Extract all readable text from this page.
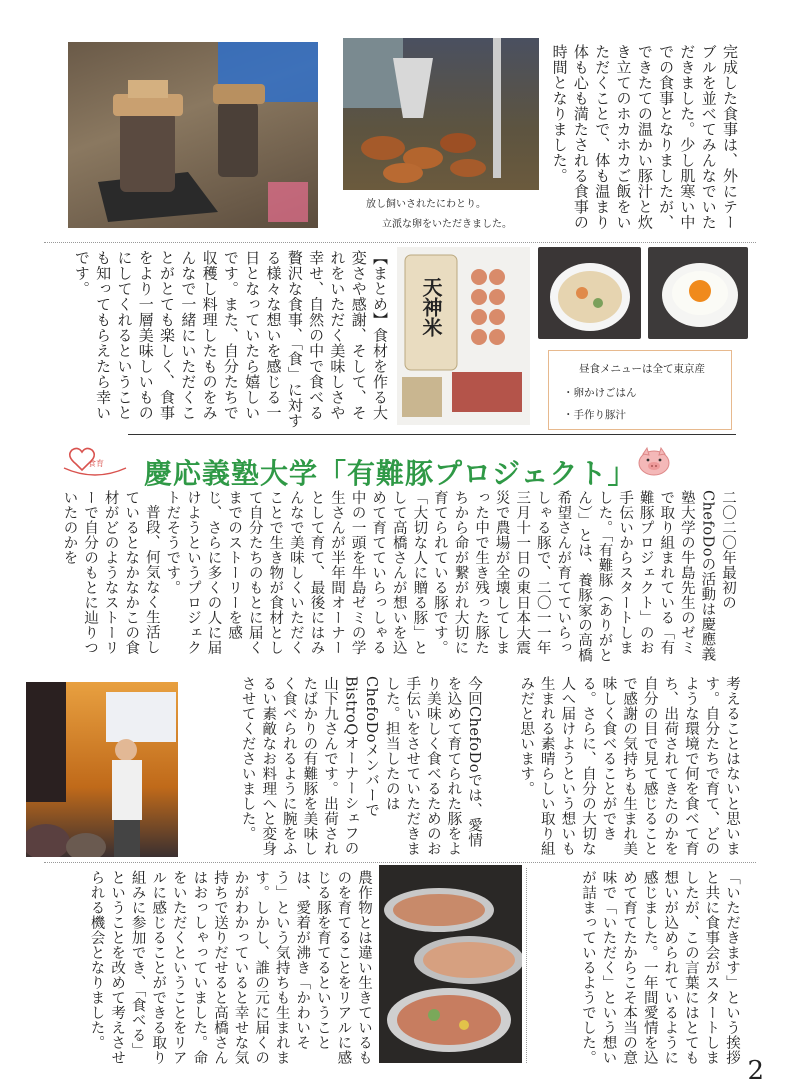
放し飼いされたにわとり。
立派な卵をいただきました。	完成した食事は、外にテーブルを並べてみんなでいただきました。少し肌寒い中での食事となりましたが、できたての温かい豚汁と炊き立てのホカホカご飯をいただくことで、体も温まり体も心も満たされる食事の時間となりました。
【まとめ】食材を作る大変さや感謝、そして、それをいただく美味しさや幸せ、自然の中で食べる贅沢な食事、「食」に対する様々な想いを感じる一日となっていたら嬉しいです。また、自分たちで収穫し料理したものをみんなで一緒にいただくことがとても楽しく、食事をより一層美味しいものにしてくれるということも知ってもらえたら幸いです。
天神米
昼食メニューは全て東京産
・卵かけごはん
・手作り豚汁
食育 慶応義塾大学「有難豚プロジェクト」
二〇二〇年最初のChefoDoの活動は慶應義塾大学の牛島先生のゼミで取り組まれている「有難豚プロジェクト」のお手伝いからスタートしました。「有難豚（ありがとん）」とは、養豚家の高橋希望さんが育てていらっしゃる豚で、二〇一一年三月十一日の東日本大震災で農場が全壊してしまった中で生き残った豚たちから命が繋がれ大切に育てられている豚です。「大切な人に贈る豚」として高橋さんが想いを込めて育てていらっしゃる中の一頭を牛島ゼミの学生さんが半年間オーナーとして育て、最後にはみんなで美味しくいただくことで生き物が食材として自分たちのもとに届くまでのストーリーを感じ、さらに多くの人に届けようというプロジェクトだそうです。
普段、何気なく生活しているとなかなかこの食材がどのようなストーリーで自分のもとに辿りついたのかを
今回ChefoDoでは、愛情を込めて育てられた豚をより美味しく食べるためのお手伝いをさせていただきました。担当したのはChefoDoメンバーでBistroQオーナーシェフの山下九さんです。出荷されたばかりの有難豚を美味しく食べられるように腕をふるい素敵なお料理へと変身させてくださいました。	考えることはないと思います。自分たちで育て、どのような環境で何を食べて育ち、出荷されてきたのかを自分の目で見て感じることで感謝の気持ちも生まれ美味しく食べることができる。さらに、自分の大切な人へ届けようという想いも生まれる素晴らしい取り組みだと思います。
農作物とは違い生きているものを育てることをリアルに感じる豚を育てるということは、愛着が沸き「かわいそう」という気持ちも生まれます。しかし、誰の元に届くのかがわかっていると幸せな気持ちで送りだせると高橋さんはおっしゃっていました。命をいただくということをリアルに感じることができる取り組みに参加でき、「食べる」ということを改めて考えさせられる機会となりました。	「いただきます」という挨拶と共に食事会がスタートしましたが、この言葉にはとても想いが込められているように感じました。一年間愛情を込めて育てたからこそ本当の意味で「いただく」という想いが詰まっているようでした。
2
